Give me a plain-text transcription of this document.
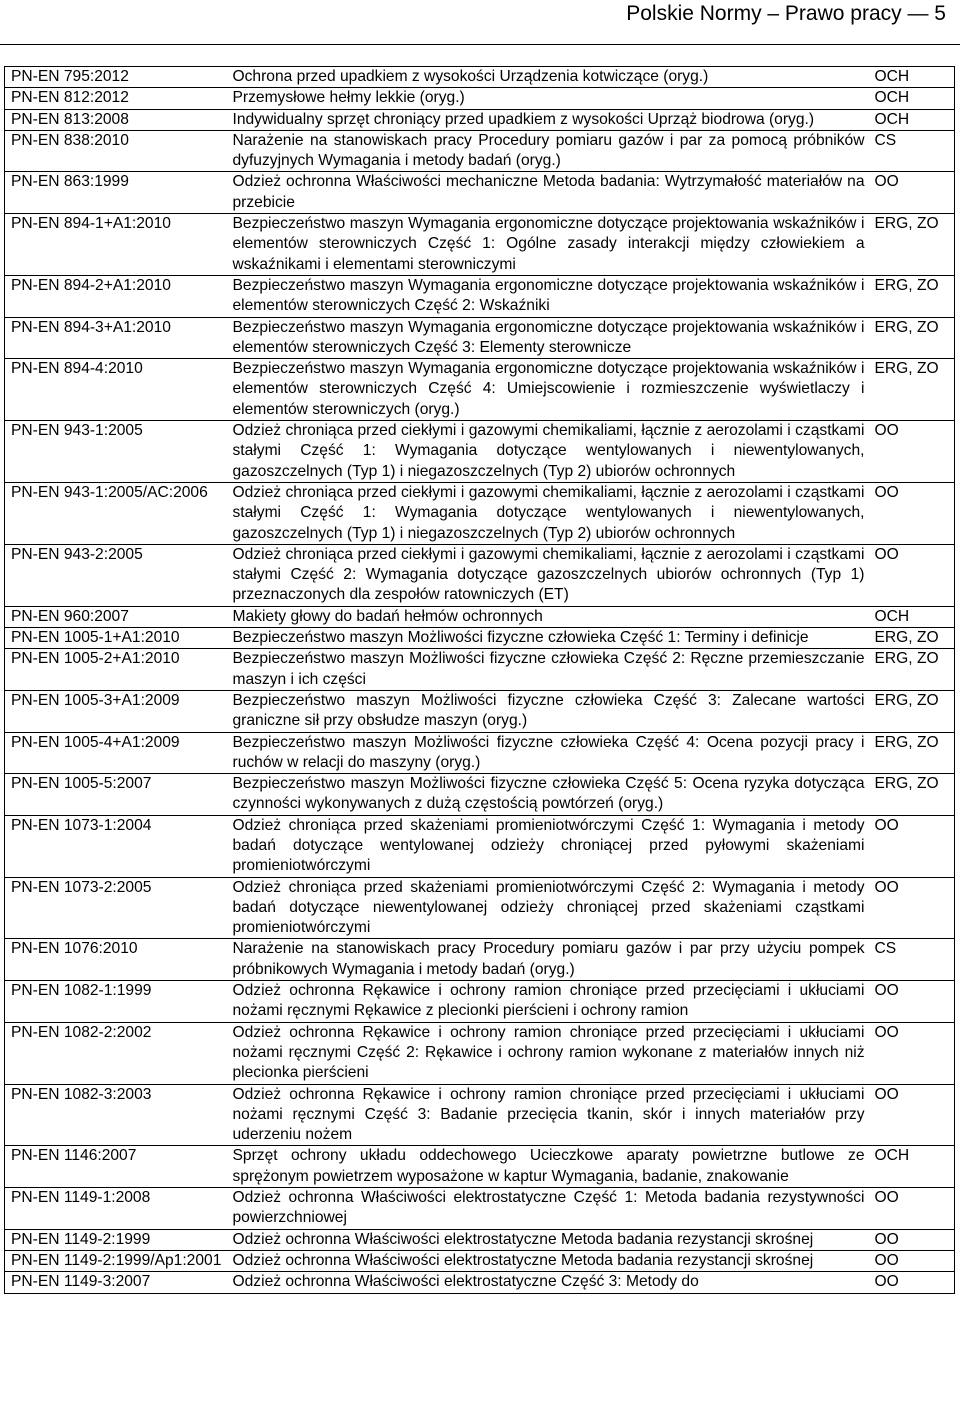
Polskie Normy – Prawo pracy — 5
PN-EN 795:2012	Ochrona przed upadkiem z wysokości Urządzenia kotwiczące (oryg.)	OCH
PN-EN 812:2012	Przemysłowe hełmy lekkie (oryg.)	OCH
PN-EN 813:2008	Indywidualny sprzęt chroniący przed upadkiem z wysokości Uprząż biodrowa (oryg.)	OCH
PN-EN 838:2010	Narażenie na stanowiskach pracy Procedury pomiaru gazów i par za pomocą próbników dyfuzyjnych Wymagania i metody badań (oryg.)	CS
PN-EN 863:1999	Odzież ochronna Właściwości mechaniczne Metoda badania: Wytrzymałość materiałów na przebicie	OO
PN-EN 894-1+A1:2010	Bezpieczeństwo maszyn Wymagania ergonomiczne dotyczące projektowania wskaźników i elementów sterowniczych Część 1: Ogólne zasady interakcji między człowiekiem a wskaźnikami i elementami sterowniczymi	ERG, ZO
PN-EN 894-2+A1:2010	Bezpieczeństwo maszyn Wymagania ergonomiczne dotyczące projektowania wskaźników i elementów sterowniczych Część 2: Wskaźniki	ERG, ZO
PN-EN 894-3+A1:2010	Bezpieczeństwo maszyn Wymagania ergonomiczne dotyczące projektowania wskaźników i elementów sterowniczych Część 3: Elementy sterownicze	ERG, ZO
PN-EN 894-4:2010	Bezpieczeństwo maszyn Wymagania ergonomiczne dotyczące projektowania wskaźników i elementów sterowniczych Część 4: Umiejscowienie i rozmieszczenie wyświetlaczy i elementów sterowniczych (oryg.)	ERG, ZO
PN-EN 943-1:2005	Odzież chroniąca przed ciekłymi i gazowymi chemikaliami, łącznie z aerozolami i cząstkami stałymi Część 1: Wymagania dotyczące wentylowanych i niewentylowanych, gazoszczelnych (Typ 1) i niegazoszczelnych (Typ 2) ubiorów ochronnych	OO
PN-EN 943-1:2005/AC:2006	Odzież chroniąca przed ciekłymi i gazowymi chemikaliami, łącznie z aerozolami i cząstkami stałymi Część 1: Wymagania dotyczące wentylowanych i niewentylowanych, gazoszczelnych (Typ 1) i niegazoszczelnych (Typ 2) ubiorów ochronnych	OO
PN-EN 943-2:2005	Odzież chroniąca przed ciekłymi i gazowymi chemikaliami, łącznie z aerozolami i cząstkami stałymi Część 2: Wymagania dotyczące gazoszczelnych ubiorów ochronnych (Typ 1) przeznaczonych dla zespołów ratowniczych (ET)	OO
PN-EN 960:2007	Makiety głowy do badań hełmów ochronnych	OCH
PN-EN 1005-1+A1:2010	Bezpieczeństwo maszyn Możliwości fizyczne człowieka Część 1: Terminy i definicje	ERG, ZO
PN-EN 1005-2+A1:2010	Bezpieczeństwo maszyn Możliwości fizyczne człowieka Część 2: Ręczne przemieszczanie maszyn i ich części	ERG, ZO
PN-EN 1005-3+A1:2009	Bezpieczeństwo maszyn Możliwości fizyczne człowieka Część 3: Zalecane wartości graniczne sił przy obsłudze maszyn (oryg.)	ERG, ZO
PN-EN 1005-4+A1:2009	Bezpieczeństwo maszyn Możliwości fizyczne człowieka Część 4: Ocena pozycji pracy i ruchów w relacji do maszyny (oryg.)	ERG, ZO
PN-EN 1005-5:2007	Bezpieczeństwo maszyn Możliwości fizyczne człowieka Część 5: Ocena ryzyka dotycząca czynności wykonywanych z dużą częstością powtórzeń (oryg.)	ERG, ZO
PN-EN 1073-1:2004	Odzież chroniąca przed skażeniami promieniotwórczymi Część 1: Wymagania i metody badań dotyczące wentylowanej odzieży chroniącej przed pyłowymi skażeniami promieniotwórczymi	OO
PN-EN 1073-2:2005	Odzież chroniąca przed skażeniami promieniotwórczymi Część 2: Wymagania i metody badań dotyczące niewentylowanej odzieży chroniącej przed skażeniami cząstkami promieniotwórczymi	OO
PN-EN 1076:2010	Narażenie na stanowiskach pracy Procedury pomiaru gazów i par przy użyciu pompek próbnikowych Wymagania i metody badań (oryg.)	CS
PN-EN 1082-1:1999	Odzież ochronna Rękawice i ochrony ramion chroniące przed przecięciami i ukłuciami nożami ręcznymi Rękawice z plecionki pierścieni i ochrony ramion	OO
PN-EN 1082-2:2002	Odzież ochronna Rękawice i ochrony ramion chroniące przed przecięciami i ukłuciami nożami ręcznymi Część 2: Rękawice i ochrony ramion wykonane z materiałów innych niż plecionka pierścieni	OO
PN-EN 1082-3:2003	Odzież ochronna Rękawice i ochrony ramion chroniące przed przecięciami i ukłuciami nożami ręcznymi Część 3: Badanie przecięcia tkanin, skór i innych materiałów przy uderzeniu nożem	OO
PN-EN 1146:2007	Sprzęt ochrony układu oddechowego Ucieczkowe aparaty powietrzne butlowe ze sprężonym powietrzem wyposażone w kaptur Wymagania, badanie, znakowanie	OCH
PN-EN 1149-1:2008	Odzież ochronna Właściwości elektrostatyczne Część 1: Metoda badania rezystywności powierzchniowej	OO
PN-EN 1149-2:1999	Odzież ochronna Właściwości elektrostatyczne Metoda badania rezystancji skrośnej	OO
PN-EN 1149-2:1999/Ap1:2001	Odzież ochronna Właściwości elektrostatyczne Metoda badania rezystancji skrośnej	OO
PN-EN 1149-3:2007	Odzież ochronna Właściwości elektrostatyczne Część 3: Metody do	OO
